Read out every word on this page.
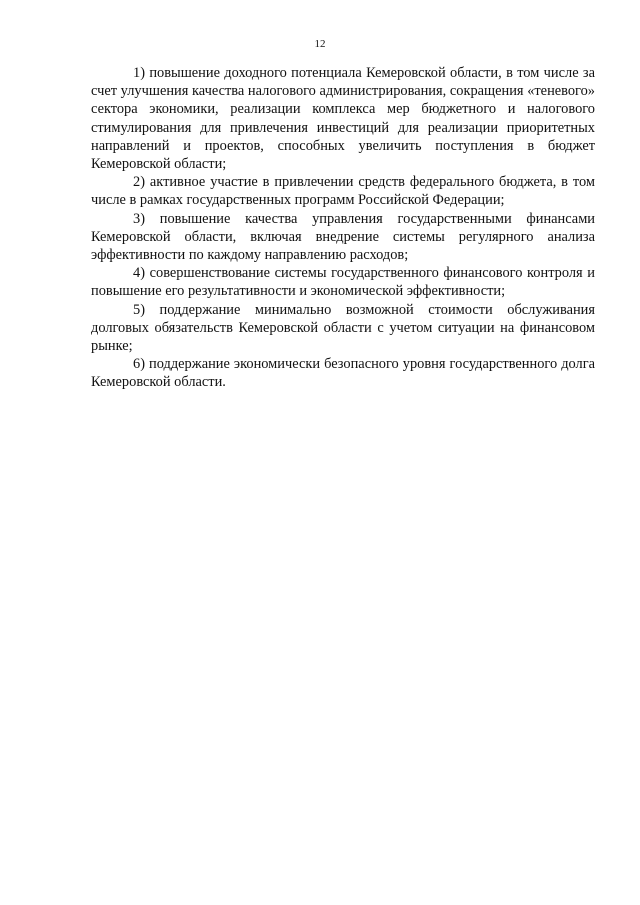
12

1) повышение доходного потенциала Кемеровской области, в том числе за счет улучшения качества налогового администрирования, сокращения «теневого» сектора экономики, реализации комплекса мер бюджетного и налогового стимулирования для привлечения инвестиций для реализации приоритетных направлений и проектов, способных увеличить поступления в бюджет Кемеровской области;

2) активное участие в привлечении средств федерального бюджета, в том числе в рамках государственных программ Российской Федерации;

3) повышение качества управления государственными финансами Кемеровской области, включая внедрение системы регулярного анализа эффективности по каждому направлению расходов;

4) совершенствование системы государственного финансового контроля и повышение его результативности и экономической эффективности;

5) поддержание минимально возможной стоимости обслуживания долговых обязательств Кемеровской области с учетом ситуации на финансовом рынке;

6) поддержание экономически безопасного уровня государственного долга Кемеровской области.
